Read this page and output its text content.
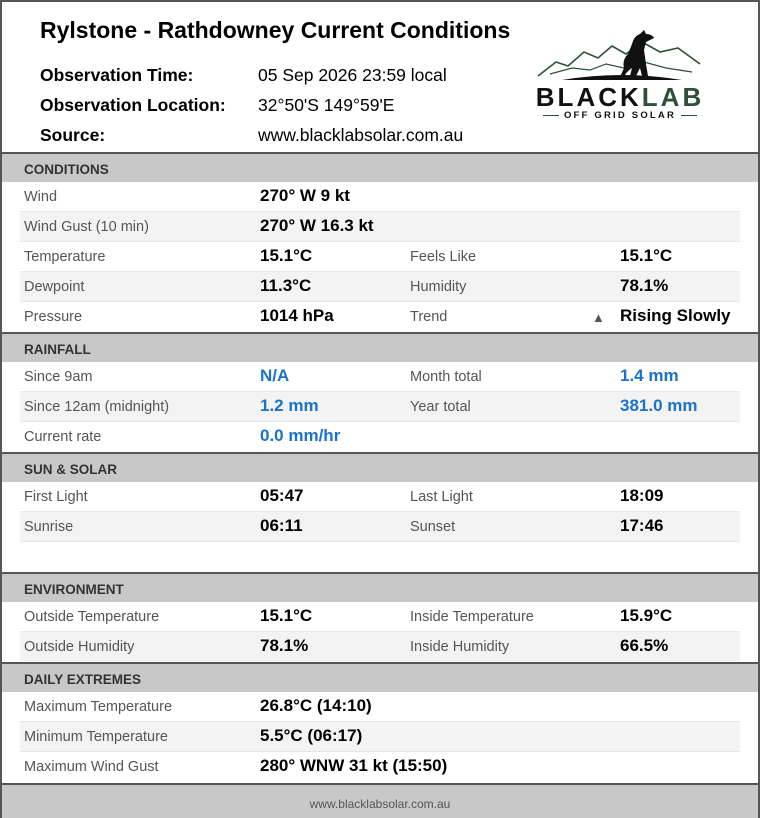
Rylstone - Rathdowney Current Conditions
Observation Time:	05 Sep 2026 23:59 local
Observation Location: 32°50'S 149°59'E
Source:	www.blacklabsolar.com.au
BLACKLAB
OFF GRID SOLAR
CONDITIONS
Wind	270° W 9 kt
Wind Gust (10 min)	270° W 16.3 kt
Temperature	15.1°C	Feels Like	15.1°C
Dewpoint	11.3°C	Humidity	78.1%
Pressure	1014 hPa	Trend	▲ Rising Slowly
RAINFALL
Since 9am	N/A	Month total	1.4 mm
Since 12am (midnight)	1.2 mm	Year total	381.0 mm
Current rate	0.0 mm/hr
SUN & SOLAR
First Light	05:47	Last Light	18:09
Sunrise	06:11	Sunset	17:46
ENVIRONMENT
Outside Temperature	15.1°C	Inside Temperature	15.9°C
Outside Humidity	78.1%	Inside Humidity	66.5%
DAILY EXTREMES
Maximum Temperature	26.8°C (14:10)
Minimum Temperature	5.5°C (06:17)
Maximum Wind Gust	280° WNW 31 kt (15:50)
www.blacklabsolar.com.au
